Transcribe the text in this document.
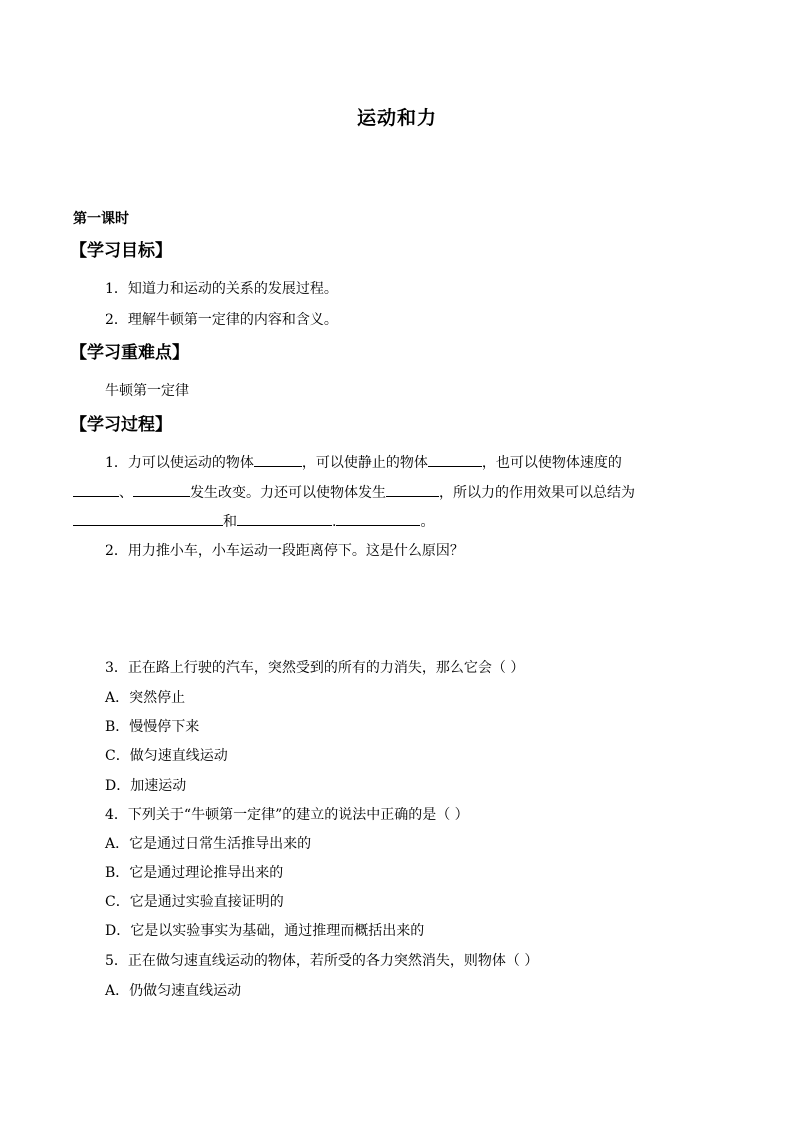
运动和力
第一课时
【学习目标】
1．知道力和运动的关系的发展过程。
2．理解牛顿第一定律的内容和含义。
【学习重难点】
牛顿第一定律
【学习过程】
1．力可以使运动的物体	，可以使静止的物体	，也可以使物体速度的
、	发生改变。力还可以使物体发生	，所以力的作用效果可以总结为
和	.	。
2．用力推小车，小车运动一段距离停下。这是什么原因？
3．正在路上行驶的汽车，突然受到的所有的力消失，那么它会（ ）
A．突然停止
B．慢慢停下来
C．做匀速直线运动
D．加速运动
4．下列关于“牛顿第一定律”的建立的说法中正确的是（ ）
A．它是通过日常生活推导出来的
B．它是通过理论推导出来的
C．它是通过实验直接证明的
D．它是以实验事实为基础，通过推理而概括出来的
5．正在做匀速直线运动的物体，若所受的各力突然消失，则物体（ ）
A．仍做匀速直线运动
